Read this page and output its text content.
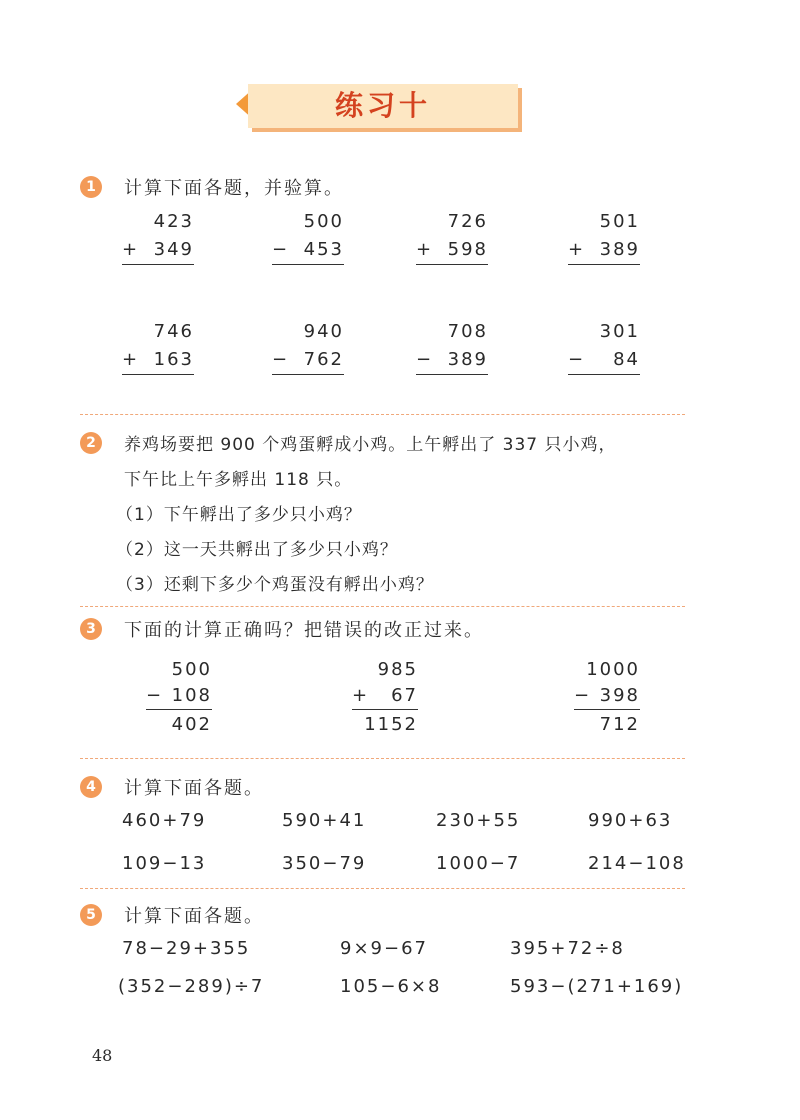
练习十
1	计算下面各题，并验算。
423
+ 349
500
− 453
726
+ 598
501
+ 389
746
+ 163
940
− 762
708
− 389
301
− 84
2	养鸡场要把 900 个鸡蛋孵成小鸡。上午孵出了 337 只小鸡，
下午比上午多孵出 118 只。
（1）下午孵出了多少只小鸡？
（2）这一天共孵出了多少只小鸡？
（3）还剩下多少个鸡蛋没有孵出小鸡？
3	下面的计算正确吗？把错误的改正过来。
500
− 108
402
985
+ 67
1152
1000
− 398
712
4	计算下面各题。
460+79	590+41	230+55	990+63
109−13	350−79	1000−7	214−108
5	计算下面各题。
78−29+355	9×9−67	395+72÷8
(352−289)÷7	105−6×8	593−(271+169)
48
